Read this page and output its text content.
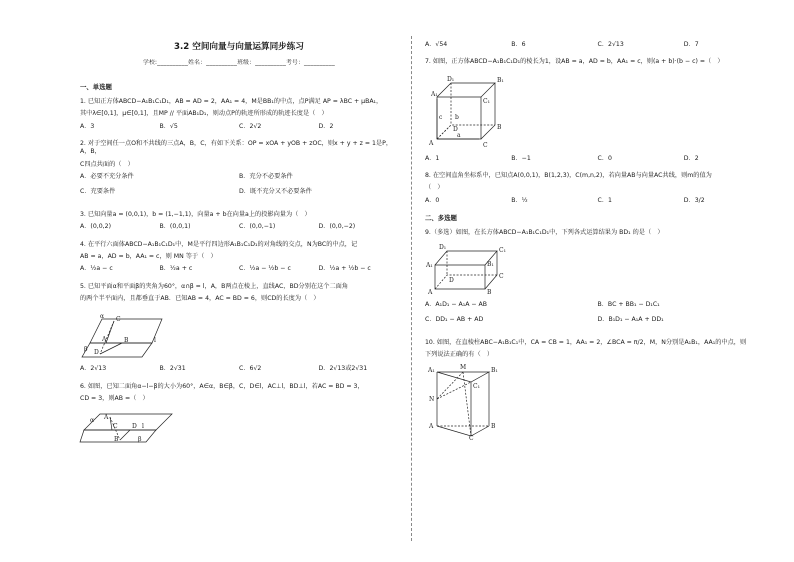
3.2 空间向量与向量运算同步练习
学校:__________姓名：__________班级：__________考号：__________
一、单选题
1. 已知正方体ABCD−A₁B₁C₁D₁，AB = AD = 2，AA₁ = 4，M是BB₁的中点，点P满足 AP = λBC + μBA₁，
其中λ∈[0,1]，μ∈[0,1]，且MP // 平面AB₁D₁，则动点P的轨迹所形成的轨迹长度是（　）
A．3	B．√5	C．2√2	D．2
2. 对于空间任一点O和不共线的三点A，B，C，有如下关系：OP = xOA + yOB + zOC，则x + y + z = 1是P，A，B，
C四点共面的（　）
A．必要不充分条件	B．充分不必要条件
C．充要条件	D．既不充分又不必要条件
3. 已知向量a = (0,0,1)，b = (1,−1,1)，向量a + b在向量a上的投影向量为（　）
A．(0,0,2)	B．(0,0,1)	C．(0,0,−1)	D．(0,0,−2)
4. 在平行六面体ABCD−A₁B₁C₁D₁中，M是平行四边形A₁B₁C₁D₁的对角线的交点，N为BC的中点，记
AB = a，AD = b，AA₁ = c，则 MN 等于（　）
A．½a − c	B．½a + c	C．½a − ½b − c	D．½a + ½b − c
5. 已知平面α和平面β的夹角为60°，α∩β = l，A，B两点在棱上，直线AC，BD分别在这个二面角
的两个半平面内，且都垂直于AB．已知AB = 4，AC = BD = 6，则CD的长度为（　）
α C
A	B
D
β
l
A．2√13	B．2√31	C．6√2	D．2√13或2√31
6. 如图，已知二面角α−l−β的大小为60°，A∈α，B∈β，C，D∈l，AC⊥l，BD⊥l，若AC = BD = 3，
CD = 3，则AB =（　）
α A
C D l
B	β
A．√54	B．6	C．2√13	D．7
7. 如图，正方体ABCD−A₁B₁C₁D₁的棱长为1，设AB = a，AD = b，AA₁ = c，则(a + b)·(b − c) =（　）
A₁
D₁	B₁
C₁
A
D	B
C
a
b
c
A．1	B．−1	C．0	D．2
8. 在空间直角坐标系中，已知点A(0,0,1)，B(1,2,3)，C(m,n,2)，若向量AB与向量AC共线，则m的值为
（　）
A．0	B．½	C．1	D．3/2
二、多选题
9.（多选）如图，在长方体ABCD−A₁B₁C₁D₁中，下列各式运算结果为 BD₁ 的是（　）
D₁	C₁
A₁	B₁
D
C
A	B
A．A₁D₁ − A₁A − AB	B．BC + BB₁ − D₁C₁
C．DD₁ − AB + AD	D．B₁D₁ − A₁A + DD₁
10. 如图，在直棱柱ABC−A₁B₁C₁中，CA = CB = 1，AA₁ = 2，∠BCA = π/2，M，N分别是A₁B₁，AA₁的中点，则
下列说法正确的有（　）
A₁	M	B₁
C₁
N
A	B
C
